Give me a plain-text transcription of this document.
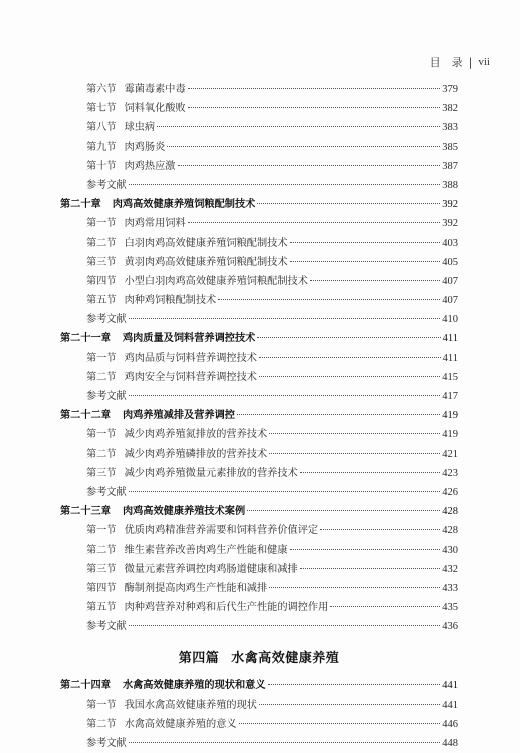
目　录 | vii
第六节 霉菌毒素中毒	379
第七节 饲料氧化酸败	382
第八节 球虫病	383
第九节 肉鸡肠炎	385
第十节 肉鸡热应激	387
参考文献	388
第二十章 肉鸡高效健康养殖饲粮配制技术	392
第一节 肉鸡常用饲料	392
第二节 白羽肉鸡高效健康养殖饲粮配制技术	403
第三节 黄羽肉鸡高效健康养殖饲粮配制技术	405
第四节 小型白羽肉鸡高效健康养殖饲粮配制技术	407
第五节 肉种鸡饲粮配制技术	407
参考文献	410
第二十一章 鸡肉质量及饲料营养调控技术	411
第一节 鸡肉品质与饲料营养调控技术	411
第二节 鸡肉安全与饲料营养调控技术	415
参考文献	417
第二十二章 肉鸡养殖减排及营养调控	419
第一节 减少肉鸡养殖氮排放的营养技术	419
第二节 减少肉鸡养殖磷排放的营养技术	421
第三节 减少肉鸡养殖微量元素排放的营养技术	423
参考文献	426
第二十三章 肉鸡高效健康养殖技术案例	428
第一节 优质肉鸡精准营养需要和饲料营养价值评定	428
第二节 维生素营养改善肉鸡生产性能和健康	430
第三节 微量元素营养调控肉鸡肠道健康和减排	432
第四节 酶制剂提高肉鸡生产性能和减排	433
第五节 肉种鸡营养对种鸡和后代生产性能的调控作用	435
参考文献	436
第四篇 水禽高效健康养殖
第二十四章 水禽高效健康养殖的现状和意义	441
第一节 我国水禽高效健康养殖的现状	441
第二节 水禽高效健康养殖的意义	446
参考文献	448
